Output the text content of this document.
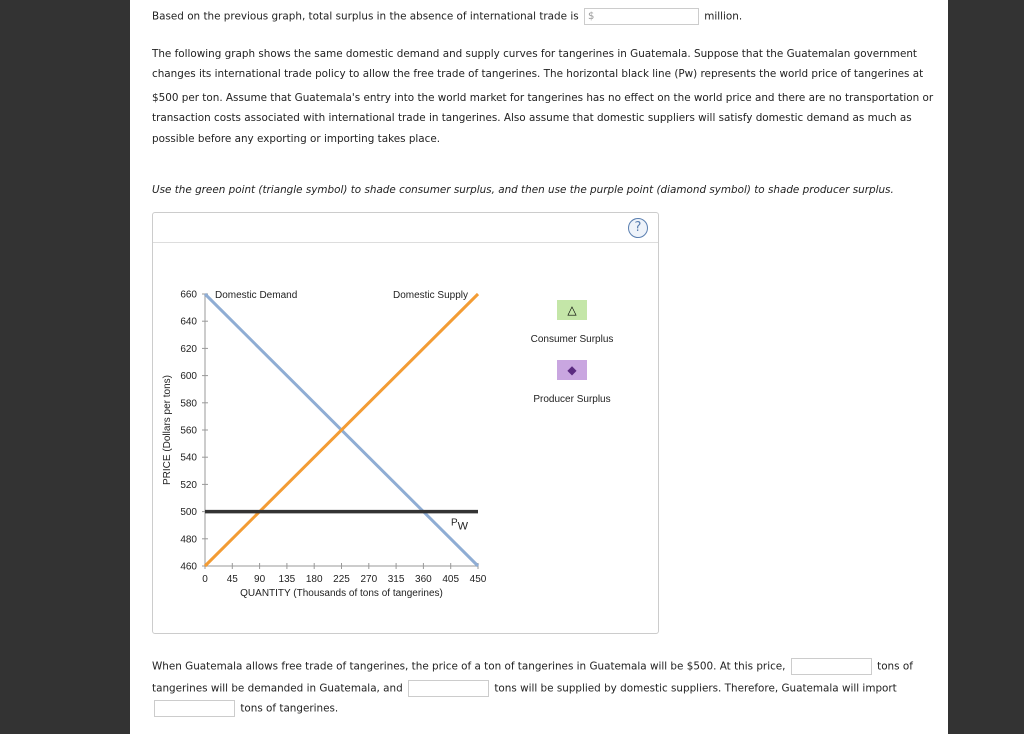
Based on the previous graph, total surplus in the absence of international trade is $	million.
The following graph shows the same domestic demand and supply curves for tangerines in Guatemala. Suppose that the Guatemalan government
changes its international trade policy to allow the free trade of tangerines. The horizontal black line (Pw) represents the world price of tangerines at
$500 per ton. Assume that Guatemala's entry into the world market for tangerines has no effect on the world price and there are no transportation or
transaction costs associated with international trade in tangerines. Also assume that domestic suppliers will satisfy domestic demand as much as
possible before any exporting or importing takes place.
Use the green point (triangle symbol) to shade consumer surplus, and then use the purple point (diamond symbol) to shade producer surplus.
?
460
480
500
520
540
560
580
600
620
640
660
0 45 90 135 180 225 270 315 360 405 450
QUANTITY (Thousands of tons of tangerines)
PRICE (Dollars per tons)
Domestic Demand	Domestic Supply
PW
△
Consumer Surplus
◆
Producer Surplus
When Guatemala allows free trade of tangerines, the price of a ton of tangerines in Guatemala will be $500. At this price,	tons of
tangerines will be demanded in Guatemala, and	tons will be supplied by domestic suppliers. Therefore, Guatemala will import
tons of tangerines.
